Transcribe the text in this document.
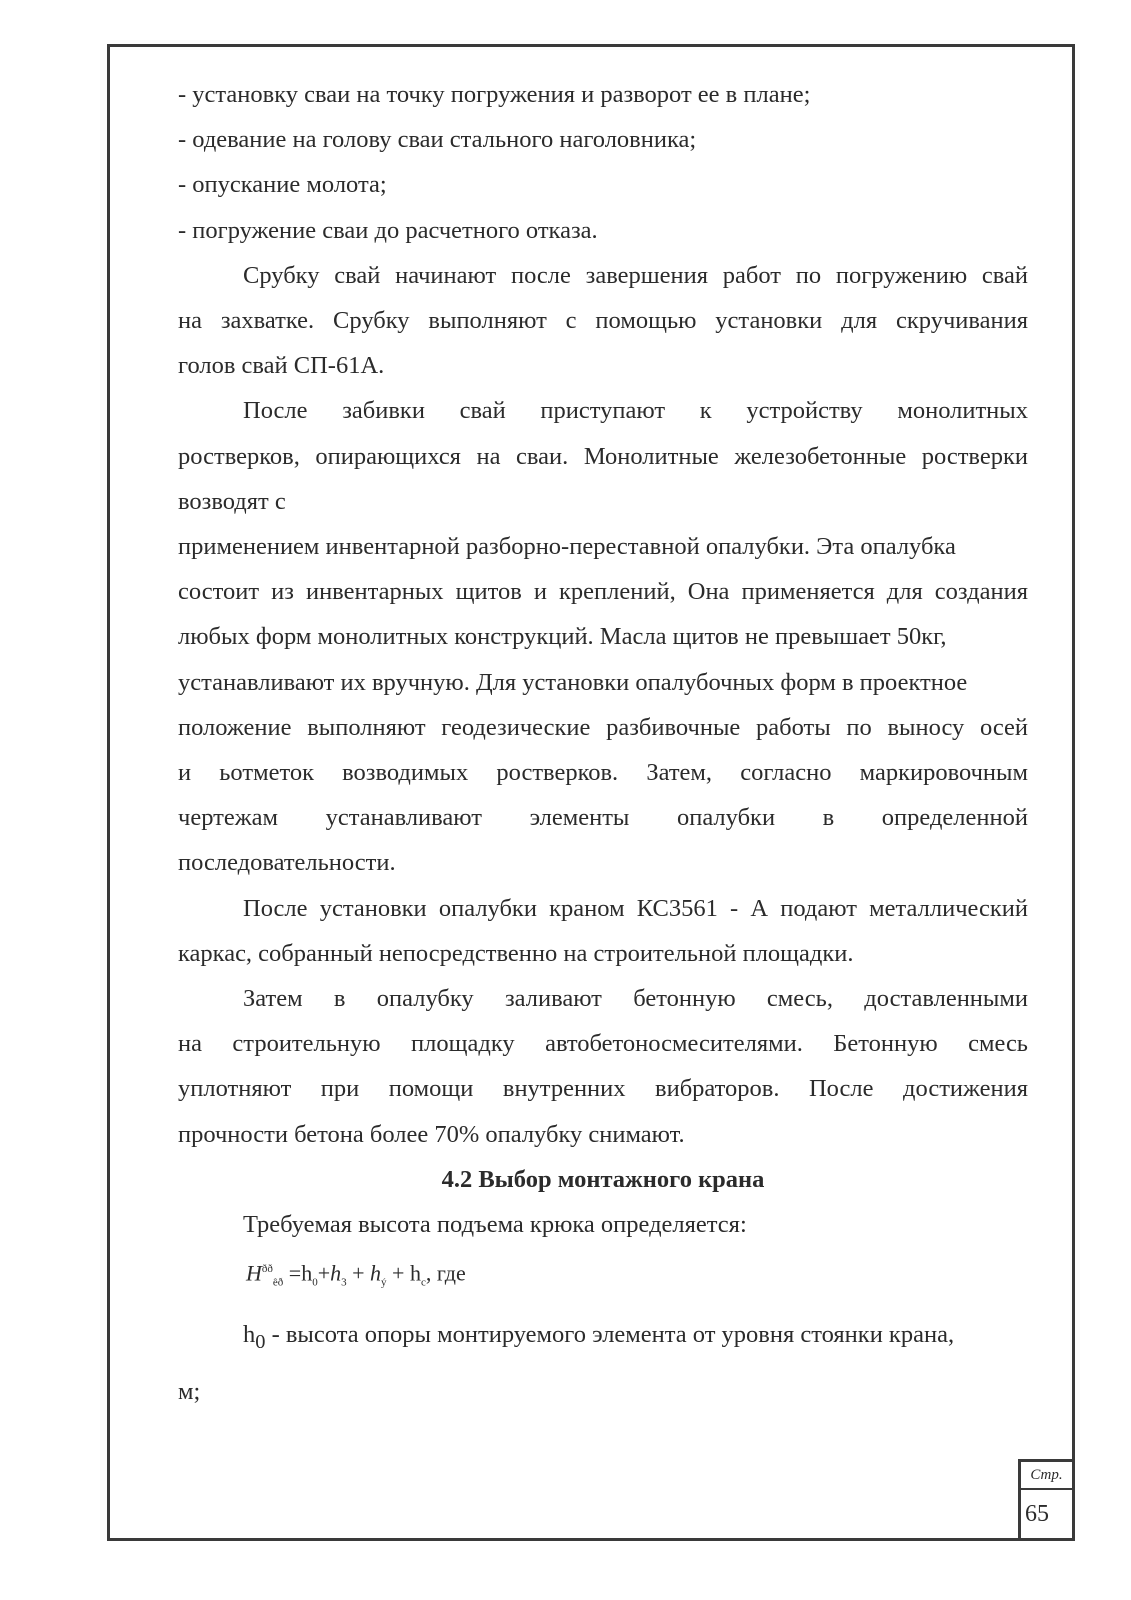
- установку сваи на точку погружения и разворот ее в плане;

- одевание на голову сваи стального наголовника;

- опускание молота;

- погружение сваи до расчетного отказа.

Срубку свай начинают после завершения работ по погружению свай

на захватке. Срубку выполняют с помощью установки для скручивания

голов свай СП-61А.

После забивки свай приступают к устройству монолитных

ростверков, опирающихся на сваи. Монолитные железобетонные ростверки

возводят с

применением инвентарной разборно-переставной опалубки. Эта опалубка

состоит из инвентарных щитов и креплений, Она применяется для создания

любых форм монолитных конструкций. Масла щитов не превышает 50кг,

устанавливают их вручную. Для установки опалубочных форм в проектное

положение выполняют геодезические разбивочные работы по выносу осей

и ьотметок возводимых ростверков. Затем, согласно маркировочным

чертежам устанавливают элементы опалубки в определенной

последовательности.

После установки опалубки краном КС3561 - А подают металлический

каркас, собранный непосредственно на строительной площадки.

Затем в опалубку заливают бетонную смесь, доставленными

на строительную площадку автобетоносмесителями. Бетонную смесь

уплотняют при помощи внутренних вибраторов. После достижения

прочности бетона более 70% опалубку снимают.

4.2 Выбор монтажного крана

Требуемая высота подъема крюка определяется:

$H^{ðð}_{êð} =h_0+h_3 + h_ý + h_c$, где

$h_0$ - высота опоры монтируемого элемента от уровня стоянки крана,

м;

Стр.
65
